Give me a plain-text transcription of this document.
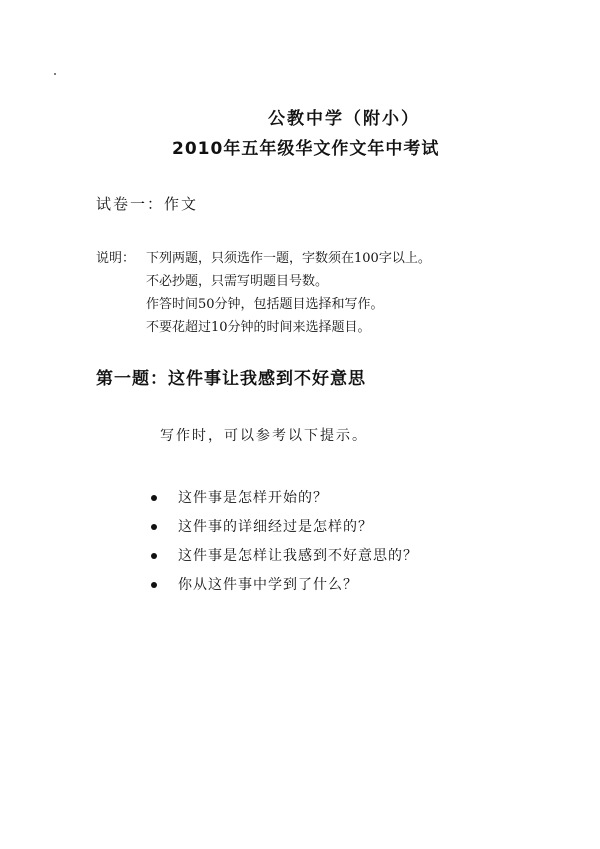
公教中学（附小）
2010年五年级华文作文年中考试
试卷一：作文
说明： 下列两题，只须选作一题，字数须在100字以上。
不必抄题，只需写明题目号数。
作答时间50分钟，包括题目选择和写作。
不要花超过10分钟的时间来选择题目。
第一题：这件事让我感到不好意思
写作时，可以参考以下提示。
这件事是怎样开始的？
这件事的详细经过是怎样的？
这件事是怎样让我感到不好意思的？
你从这件事中学到了什么？
